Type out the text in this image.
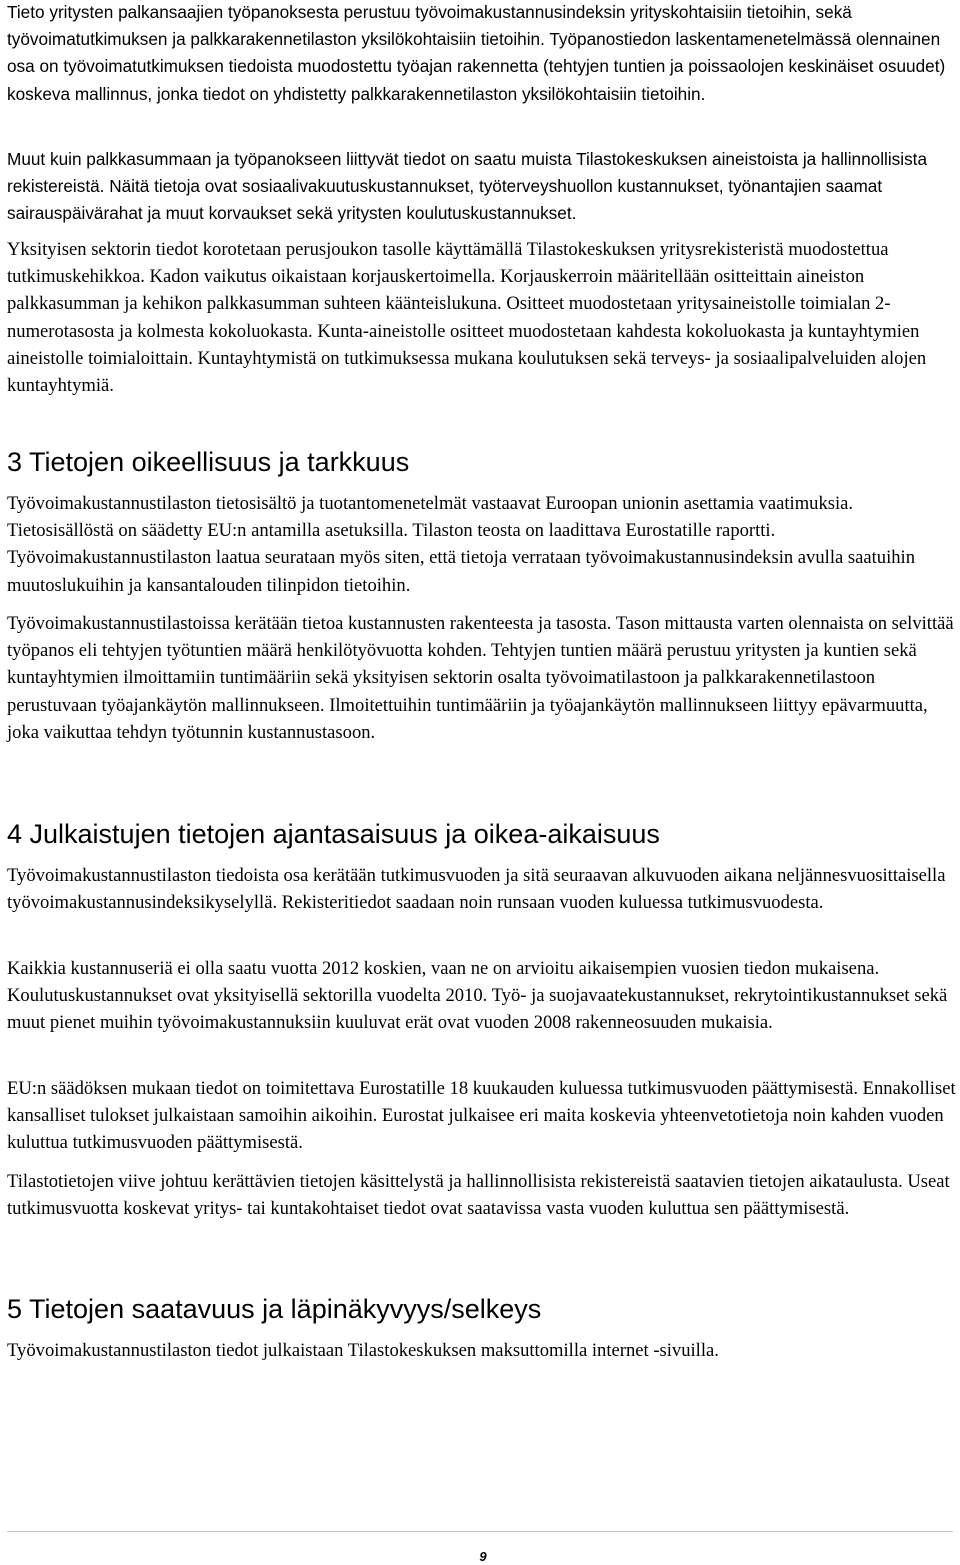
Tieto yritysten palkansaajien työpanoksesta perustuu työvoimakustannusindeksin yrityskohtaisiin tietoihin, sekä työvoimatutkimuksen ja palkkarakennetilaston yksilökohtaisiin tietoihin. Työpanostiedon laskentamenetelmässä olennainen osa on työvoimatutkimuksen tiedoista muodostettu työajan rakennetta (tehtyjen tuntien ja poissaolojen keskinäiset osuudet) koskeva mallinnus, jonka tiedot on yhdistetty palkkarakennetilaston yksilökohtaisiin tietoihin.

Muut kuin palkkasummaan ja työpanokseen liittyvät tiedot on saatu muista Tilastokeskuksen aineistoista ja hallinnollisista rekistereistä. Näitä tietoja ovat sosiaalivakuutuskustannukset, työterveyshuollon kustannukset, työnantajien saamat sairauspäivärahat ja muut korvaukset sekä yritysten koulutuskustannukset.

Yksityisen sektorin tiedot korotetaan perusjoukon tasolle käyttämällä Tilastokeskuksen yritysrekisteristä muodostettua tutkimuskehikkoa. Kadon vaikutus oikaistaan korjauskertoimella. Korjauskerroin määritellään ositteittain aineiston palkkasumman ja kehikon palkkasumman suhteen käänteislukuna. Ositteet muodostetaan yritysaineistolle toimialan 2-numerotasosta ja kolmesta kokoluokasta. Kunta-aineistolle ositteet muodostetaan kahdesta kokoluokasta ja kuntayhtymien aineistolle toimialoittain. Kuntayhtymistä on tutkimuksessa mukana koulutuksen sekä terveys- ja sosiaalipalveluiden alojen kuntayhtymiä.

3 Tietojen oikeellisuus ja tarkkuus

Työvoimakustannustilaston tietosisältö ja tuotantomenetelmät vastaavat Euroopan unionin asettamia vaatimuksia. Tietosisällöstä on säädetty EU:n antamilla asetuksilla. Tilaston teosta on laadittava Eurostatille raportti. Työvoimakustannustilaston laatua seurataan myös siten, että tietoja verrataan työvoimakustannusindeksin avulla saatuihin muutoslukuihin ja kansantalouden tilinpidon tietoihin.

Työvoimakustannustilastoissa kerätään tietoa kustannusten rakenteesta ja tasosta. Tason mittausta varten olennaista on selvittää työpanos eli tehtyjen työtuntien määrä henkilötyövuotta kohden. Tehtyjen tuntien määrä perustuu yritysten ja kuntien sekä kuntayhtymien ilmoittamiin tuntimääriin sekä yksityisen sektorin osalta työvoimatilastoon ja palkkarakennetilastoon perustuvaan työajankäytön mallinnukseen. Ilmoitettuihin tuntimääriin ja työajankäytön mallinnukseen liittyy epävarmuutta, joka vaikuttaa tehdyn työtunnin kustannustasoon.

4 Julkaistujen tietojen ajantasaisuus ja oikea-aikaisuus

Työvoimakustannustilaston tiedoista osa kerätään tutkimusvuoden ja sitä seuraavan alkuvuoden aikana neljännesvuosittaisella työvoimakustannusindeksikyselyllä. Rekisteritiedot saadaan noin runsaan vuoden kuluessa tutkimusvuodesta.

Kaikkia kustannuseriä ei olla saatu vuotta 2012 koskien, vaan ne on arvioitu aikaisempien vuosien tiedon mukaisena. Koulutuskustannukset ovat yksityisellä sektorilla vuodelta 2010. Työ- ja suojavaatekustannukset, rekrytointikustannukset sekä muut pienet muihin työvoimakustannuksiin kuuluvat erät ovat vuoden 2008 rakenneosuuden mukaisia.

EU:n säädöksen mukaan tiedot on toimitettava Eurostatille 18 kuukauden kuluessa tutkimusvuoden päättymisestä. Ennakolliset kansalliset tulokset julkaistaan samoihin aikoihin. Eurostat julkaisee eri maita koskevia yhteenvetotietoja noin kahden vuoden kuluttua tutkimusvuoden päättymisestä.

Tilastotietojen viive johtuu kerättävien tietojen käsittelystä ja hallinnollisista rekistereistä saatavien tietojen aikataulusta. Useat tutkimusvuotta koskevat yritys- tai kuntakohtaiset tiedot ovat saatavissa vasta vuoden kuluttua sen päättymisestä.

5 Tietojen saatavuus ja läpinäkyvyys/selkeys

Työvoimakustannustilaston tiedot julkaistaan Tilastokeskuksen maksuttomilla internet -sivuilla.

9
